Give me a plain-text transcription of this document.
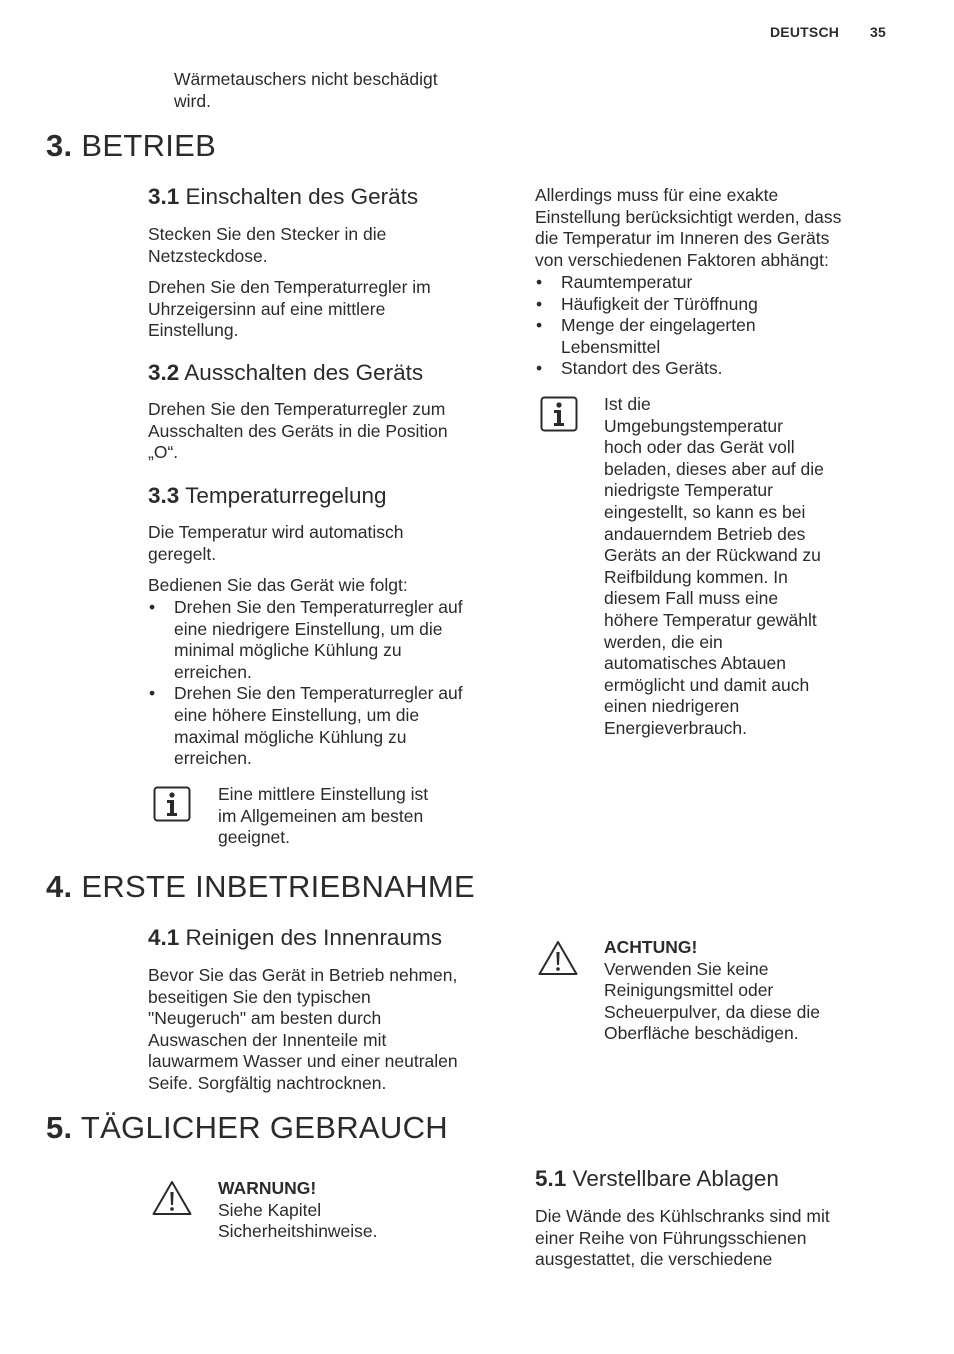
DEUTSCH 35
Wärmetauschers nicht beschädigt
wird.
3. BETRIEB
3.1 Einschalten des Geräts
Stecken Sie den Stecker in die
Netzsteckdose.
Drehen Sie den Temperaturregler im
Uhrzeigersinn auf eine mittlere
Einstellung.
3.2 Ausschalten des Geräts
Drehen Sie den Temperaturregler zum
Ausschalten des Geräts in die Position
„O“.
3.3 Temperaturregelung
Die Temperatur wird automatisch
geregelt.
Bedienen Sie das Gerät wie folgt:
• Drehen Sie den Temperaturregler auf
eine niedrigere Einstellung, um die
minimal mögliche Kühlung zu
erreichen.
• Drehen Sie den Temperaturregler auf
eine höhere Einstellung, um die
maximal mögliche Kühlung zu
erreichen.
Eine mittlere Einstellung ist
im Allgemeinen am besten
geeignet.
Allerdings muss für eine exakte
Einstellung berücksichtigt werden, dass
die Temperatur im Inneren des Geräts
von verschiedenen Faktoren abhängt:
• Raumtemperatur
• Häufigkeit der Türöffnung
• Menge der eingelagerten
Lebensmittel
• Standort des Geräts.
Ist die
Umgebungstemperatur
hoch oder das Gerät voll
beladen, dieses aber auf die
niedrigste Temperatur
eingestellt, so kann es bei
andauerndem Betrieb des
Geräts an der Rückwand zu
Reifbildung kommen. In
diesem Fall muss eine
höhere Temperatur gewählt
werden, die ein
automatisches Abtauen
ermöglicht und damit auch
einen niedrigeren
Energieverbrauch.
4. ERSTE INBETRIEBNAHME
4.1 Reinigen des Innenraums
Bevor Sie das Gerät in Betrieb nehmen,
beseitigen Sie den typischen
"Neugeruch" am besten durch
Auswaschen der Innenteile mit
lauwarmem Wasser und einer neutralen
Seife. Sorgfältig nachtrocknen.
ACHTUNG!
Verwenden Sie keine
Reinigungsmittel oder
Scheuerpulver, da diese die
Oberfläche beschädigen.
5. TÄGLICHER GEBRAUCH
WARNUNG!
Siehe Kapitel
Sicherheitshinweise.
5.1 Verstellbare Ablagen
Die Wände des Kühlschranks sind mit
einer Reihe von Führungsschienen
ausgestattet, die verschiedene
